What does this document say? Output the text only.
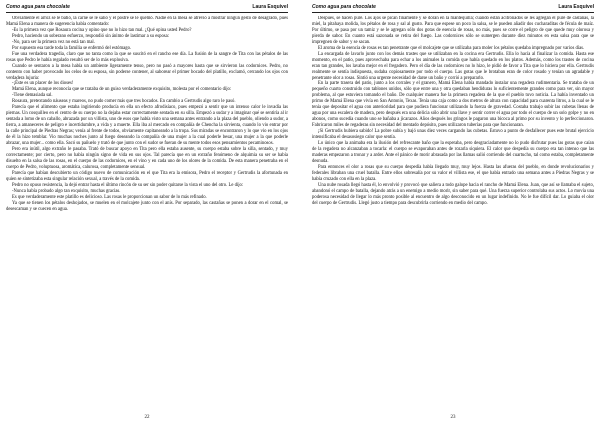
Como agua para chocolate	Laura Esquivel

Obviamente el arroz se le batió, la carne se le salió y el postre se le quemó. Nadie en la mesa se atrevió a mostrar ningún gesto de desagrado, pues Mamá Elena a manera de sugerencia había comentado:

-Es la primera vez que Rosaura cocina y opino que no lo hizo tan mal. ¿Qué opina usted Pedro?

Pedro, haciendo un soberano esfuerzo, respondió sin ánimo de lastimar a su esposa:

-No, para ser la primera vez no está tan mal.

Por supuesto esa tarde toda la familia se enfermó del estómago.

Fue una verdadera tragedia, claro que no tanta como la que se suscitó en el rancho ese día. La fusión de la sangre de Tita con las pétalos de las rosas que Pedro le había regalado resultó ser de lo más explosiva.

Cuando se sentaron a la mesa había un ambiente ligeramente tenso, pero no pasó a mayores hasta que se sirvieron las codornices. Pedro, no contento con haber provocado los celos de su esposa, sin poderse contener, al saborear el primer bocado del platillo, exclamó, cerrando los ojos con verdadera lujuria:

-¡Éste es un placer de los dioses!

Mamá Elena, aunque reconocía que se trataba de un guiso verdaderamente exquisito, molesta por el comentario dijo:

-Tiene demasiada sal.

Rosaura, pretextando náuseas y mareos, no pudo comer más que tres bocados. En cambio a Gertrudis algo raro le pasó.

Parecía que el alimento que estaba ingiriendo producía en ella un efecto afrodisíaco, pues empezó a sentir que un intenso calor le invadía las piernas. Un cosquilleo en el centro de su cuerpo no la dejaba estar correctamente sentada en su silla. Empezó a sudar y a imaginar qué se sentiría al ir sentada a lomo de un caballo, abrazada por un villista, uno de esos que había visto una semana antes entrando a la plaza del pueblo, oliendo a sudor, a tierra, a amaneceres de peligro e incertidumbre, a vida y a muerte. Ella iba al mercado en compañía de Chencha la sirvienta, cuando lo vio entrar por la calle principal de Piedras Negras; venía al frente de todos, obviamente capitaneando a la tropa. Sus miradas se encontraron y lo que vio en los ojos de él la hizo temblar. Vio muchas noches junto al fuego deseando la compañía de una mujer a la cual poderle besar, una mujer a la que poderle abrazar, una mujer... como ella. Sacó su pañuelo y trató de que junto con el sudor se fueran de su mente todos esos pensamientos pecaminosos.

Pero era inútil, algo extraño le pasaba. Trató de buscar apoyo en Tita pero ella estaba ausente, su cuerpo estaba sobre la silla, sentado, y muy correctamente; por cierto, pero no había ningún signo de vida en sus ojos. Tal parecía que en un extraño fenómeno de alquimia su ser se había disuelto en la salsa de las rosas, en el cuerpo de las codornices, en el vino y en cada uno de los olores de la comida. De esta manera penetraba en el cuerpo de Pedro, voluptuosa, aromática, calurosa, completamente sensual.

Parecía que habían descubierto un código nuevo de comunicación en el que Tita era la emisora, Pedro el receptor y Gertrudis la afortunada en quien se sintetizaba esta singular relación sexual, a través de la comida.

Pedro no opuso resistencia, la dejó entrar hasta el último rincón de su ser sin poder quitarse la vista el uno del otro. Le dijo:

-Nunca había probado algo tan exquisito, muchas gracias.

Es que verdaderamente este platillo es delicioso. Las rosas le proporcionan un sabor de lo más refinado.

Ya que se tienen los pétalos deshojados, se muelen en el molcajete junto con el anís. Por separado, las castañas se ponen a dorar en el comal, se desescaman y se cuecen en agua.

22
Como agua para chocolate	Laura Esquivel

Después, se hacen puré. Los ajos se pican finamente y se doran en la mantequilla; cuando están acitronados se les agregan el puré de castañas, la miel, la pitahaya molida, los pétalos de rosa y sal al gusto. Para que espese un poco la salsa, se le pueden añadir dos cucharaditas de fécula de maíz. Por último, se pasa por un tamiz y se le agregan sólo dos gotas de esencia de rosas, no más, pues se corre el peligro de que quede muy olorosa y pierda de sabor. En cuanto está sazonada se retira del fuego. Las codornices sólo se sumergen durante diez minutos en esta salsa para que se impregnen de sabor y se sacan.

El aroma de la esencia de rosas es tan penetrante que el molcajete que se utilizaba para moler los pétalos quedaba impregnado por varios días.

La encargada de lavarlo junto con los demás trastes que se utilizaban en la cocina era Gertrudis. Ella lo hacía al finalizar la comida. Hasta ese momento, en el patio, pues aprovechaba para echar a los animales la comida que había quedado en los platos. Además, como los trastes de cocina eran tan grandes, los lavaba mejor en el fregadero. Pero el día de las codornices no lo hizo, le pidió de favor a Tita que lo hiciera por ella. Gertrudis realmente se sentía indispuesta, sudaba copiosamente por todo el cuerpo. Las gotas que le brotaban eran de color rosado y tenían un agradable y penetrante olor a rosas. Sintió una urgente necesidad de darse un baño y corrió a prepararlo.

En la parte trasera del patio, junto a los corrales y el granero, Mamá Elena había mandado instalar una regadera rudimentaria. Se trataba de un pequeño cuarto construido con tablones unidos, sólo que entre una y otra quedaban hendiduras lo suficientemente grandes como para ver, sin mayor problema, al que estuviera tomando el baño. De cualquier manera fue la primera regadera de la que el pueblo tuvo noticia. La había inventado un primo de Mamá Elena que vivía en San Antonio, Texas. Tenía una caja como a dos metros de altura con capacidad para cuarenta litros, a la cual se le tenía que depositar el agua con anterioridad para que pudiera funcionar utilizando la fuerza de gravedad. Costaba trabajo subir las cubetas llenas de agua por una escalera de madera, pero después era una delicia sólo abrir una llave y sentir correr el agua por todo el cuerpo de un solo golpe y no en abonos, como sucedía cuando uno se bañaba a jicarazos. Años después los gringos le pagaron una bicoca al primo por su invento y lo perfeccionaron. Fabricaron miles de regaderas sin necesidad del mentado depósito, pues utilizaron tuberías para que funcionaran.

¡Si Gertrudis hubiera sabido! La pobre subía y bajó unas diez veces cargando las cubetas. Estuvo a punto de desfallecer pues este brutal ejercicio intensificaba el desasosiego calor que sentía.

Lo único que la animaba era la ilusión del refrescante baño que la esperaba, pero desgraciadamente no lo pudo disfrutar pues las gotas que caían de la regadera no alcanzaban a tocarla: el cuerpo se evaporaban antes de rozarla siquiera. El calor que despedía su cuerpo era tan intenso que las maderas empezaron a tronar y a arder. Ante el pánico de morir abrasada por las llamas salió corriendo del cuartucho, tal como estaba, completamente desnuda.

Para entonces el olor a rosas que su cuerpo despedía había llegado muy, muy lejos. Hasta las afueras del pueblo, en donde revolucionarios y federales libraban una cruel batalla. Entre ellos sobresalía por su valor el villista ese, el que había entrado una semana antes a Piedras Negras y se había cruzado con ella en la plaza.

Una nube rosada llegó hasta él, lo envolvió y provocó que saliera a todo galope hacia el rancho de Mamá Elena. Juan, que así se llamaba el sujeto, abandonó el campo de batalla, dejando atrás a un enemigo a medio morir, sin saber para qué. Una fuerza superior controlaba sus actos. Lo movía una poderosa necesidad de llegar lo más pronto posible al encuentro de algo desconocido en un lugar indefinido. No le fue difícil dar. Lo guiaba el olor del cuerpo de Gertrudis. Llegó justo a tiempo para descubrirla corriendo en medio del campo.

23
